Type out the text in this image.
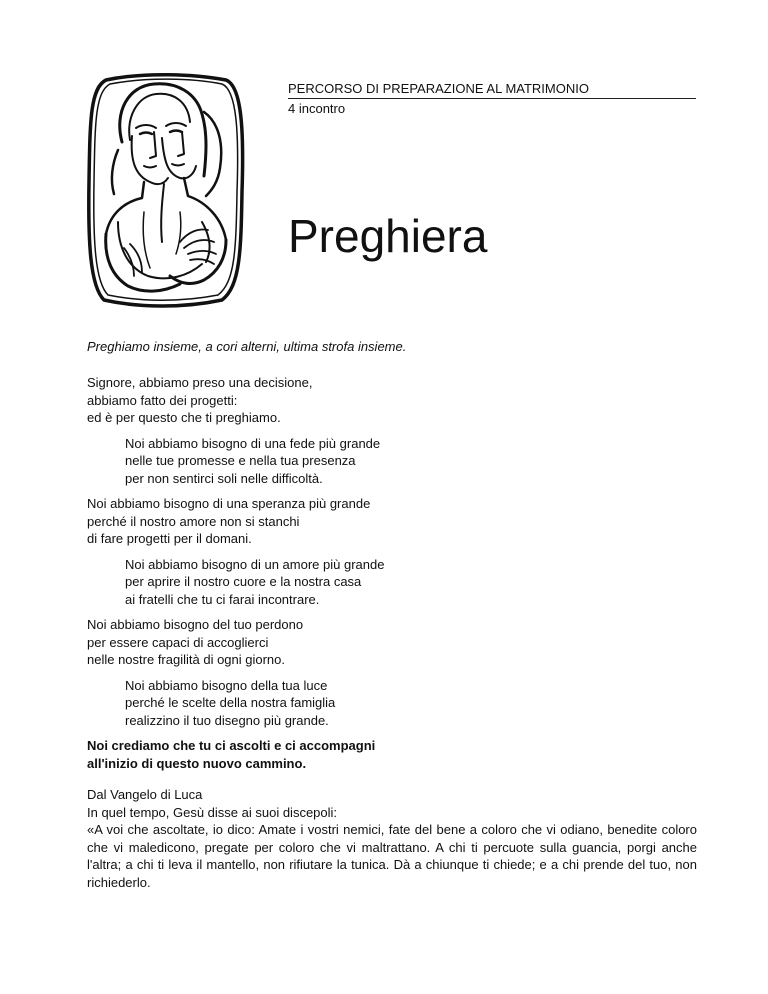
PERCORSO DI PREPARAZIONE AL MATRIMONIO
4 incontro
Preghiera
Preghiamo insieme, a cori alterni, ultima strofa insieme.
Signore, abbiamo preso una decisione,
abbiamo fatto dei progetti:
ed è per questo che ti preghiamo.
Noi abbiamo bisogno di una fede più grande
nelle tue promesse e nella tua presenza
per non sentirci soli nelle difficoltà.
Noi abbiamo bisogno di una speranza più grande
perché il nostro amore non si stanchi
di fare progetti per il domani.
Noi abbiamo bisogno di un amore più grande
per aprire il nostro cuore e la nostra casa
ai fratelli che tu ci farai incontrare.
Noi abbiamo bisogno del tuo perdono
per essere capaci di accoglierci
nelle nostre fragilità di ogni giorno.
Noi abbiamo bisogno della tua luce
perché le scelte della nostra famiglia
realizzino il tuo disegno più grande.
Noi crediamo che tu ci ascolti e ci accompagni
all'inizio di questo nuovo cammino.
Dal Vangelo di Luca
In quel tempo, Gesù disse ai suoi discepoli:
«A voi che ascoltate, io dico: Amate i vostri nemici, fate del bene a coloro che vi odiano, benedite coloro che vi maledicono, pregate per coloro che vi maltrattano. A chi ti percuote sulla guancia, porgi anche l'altra; a chi ti leva il mantello, non rifiutare la tunica. Dà a chiunque ti chiede; e a chi prende del tuo, non richiederlo.
